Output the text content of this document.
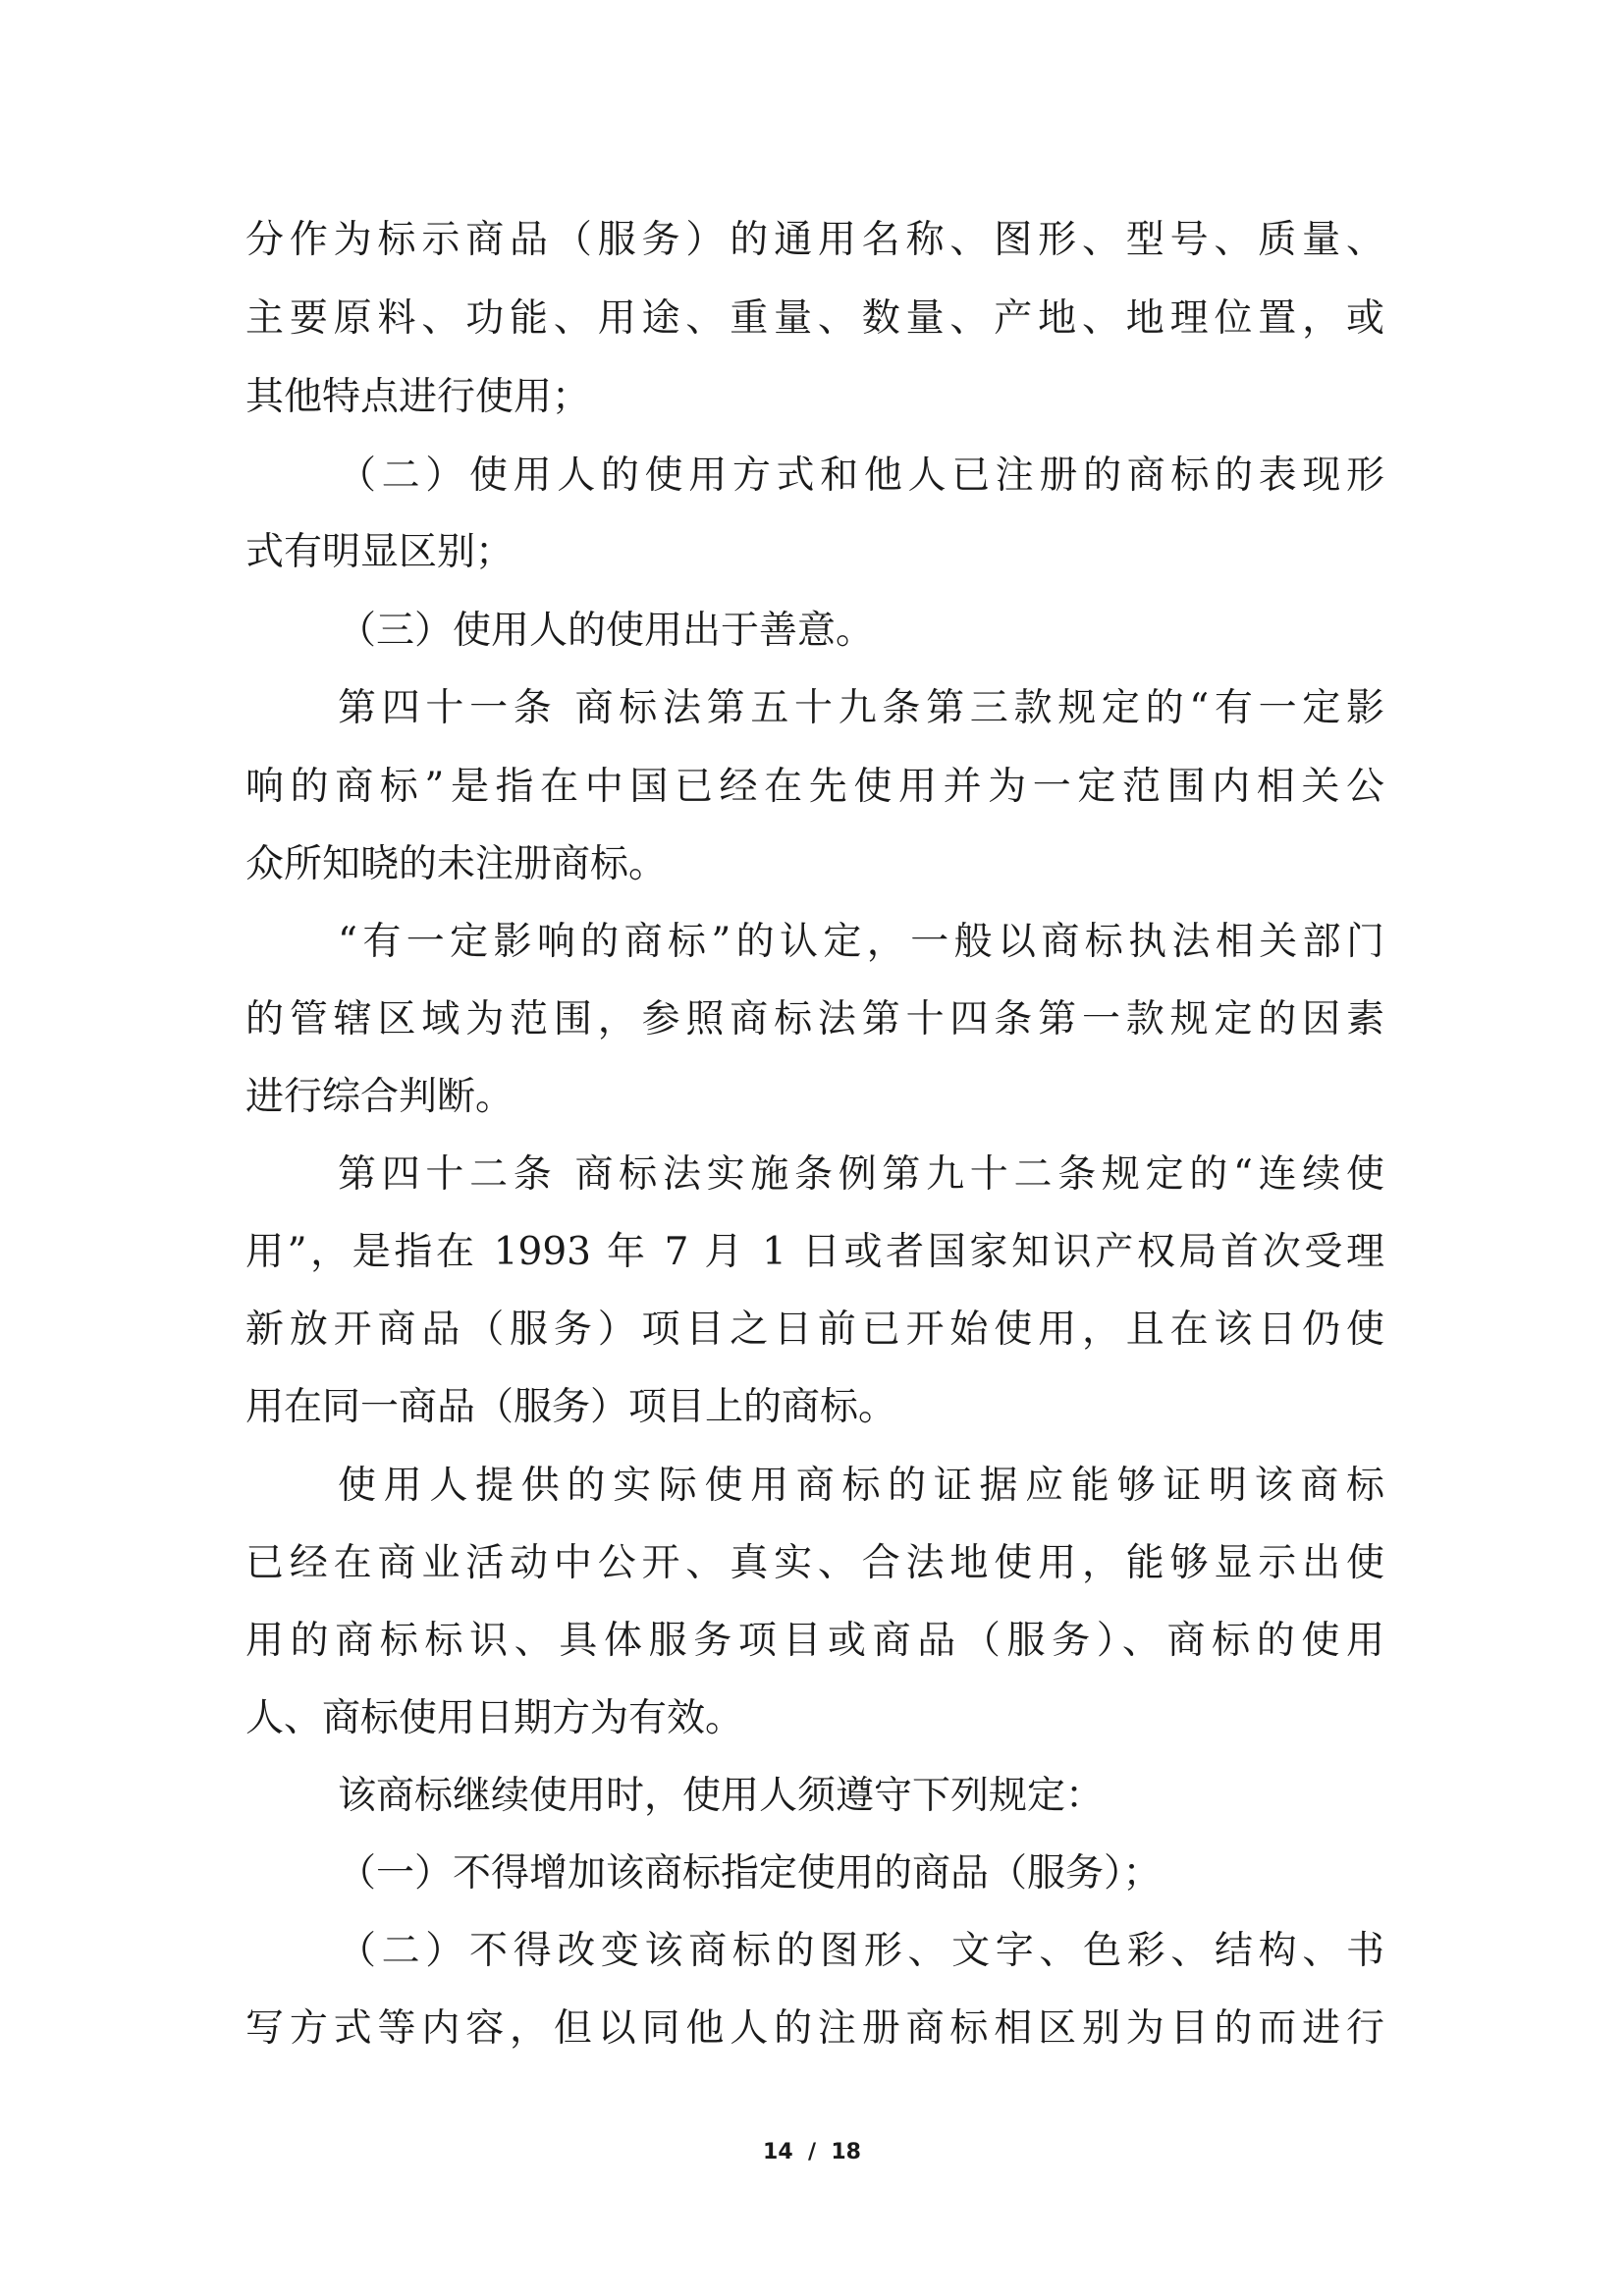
分作为标示商品（服务）的通用名称、图形、型号、质量、
主要原料、功能、用途、重量、数量、产地、地理位置，或
其他特点进行使用；
（二）使用人的使用方式和他人已注册的商标的表现形
式有明显区别；
（三）使用人的使用出于善意。
第四十一条 商标法第五十九条第三款规定的“有一定影
响的商标”是指在中国已经在先使用并为一定范围内相关公
众所知晓的未注册商标。
“有一定影响的商标”的认定，一般以商标执法相关部门
的管辖区域为范围，参照商标法第十四条第一款规定的因素
进行综合判断。
第四十二条 商标法实施条例第九十二条规定的“连续使
用”，是指在 1993 年 7 月 1 日或者国家知识产权局首次受理
新放开商品（服务）项目之日前已开始使用，且在该日仍使
用在同一商品（服务）项目上的商标。
使用人提供的实际使用商标的证据应能够证明该商标
已经在商业活动中公开、真实、合法地使用，能够显示出使
用的商标标识、具体服务项目或商品（服务）、商标的使用
人、商标使用日期方为有效。
该商标继续使用时，使用人须遵守下列规定：
（一）不得增加该商标指定使用的商品（服务）；
（二）不得改变该商标的图形、文字、色彩、结构、书
写方式等内容，但以同他人的注册商标相区别为目的而进行
14  /  18
